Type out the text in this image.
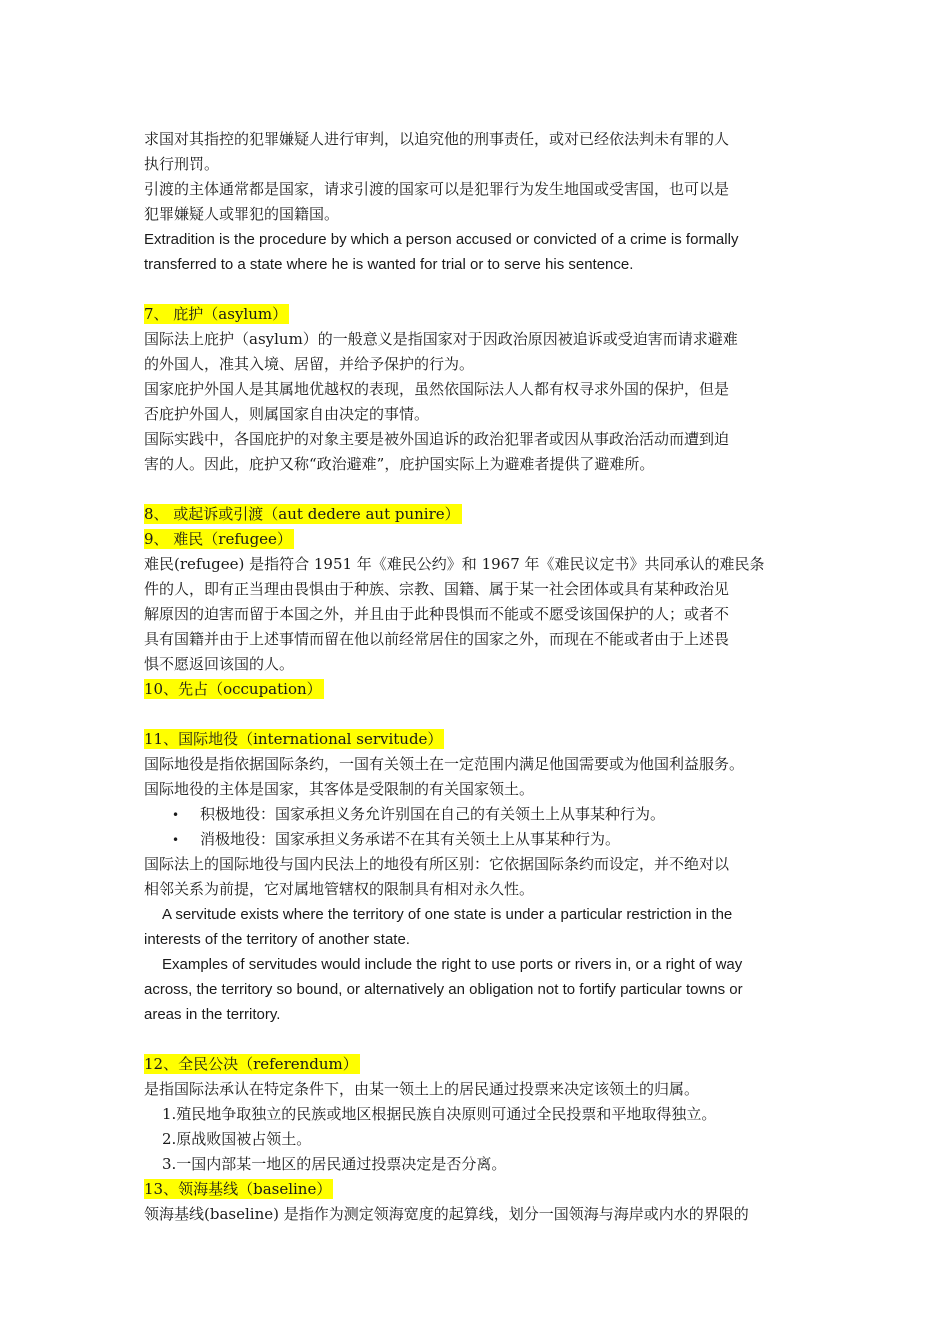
求国对其指控的犯罪嫌疑人进行审判，以追究他的刑事责任，或对已经依法判未有罪的人
执行刑罚。
引渡的主体通常都是国家，请求引渡的国家可以是犯罪行为发生地国或受害国，也可以是
犯罪嫌疑人或罪犯的国籍国。
Extradition is the procedure by which a person accused or convicted of a crime is formally
transferred to a state where he is wanted for trial or to serve his sentence.
7、 庇护（asylum）
国际法上庇护（asylum）的一般意义是指国家对于因政治原因被追诉或受迫害而请求避难
的外国人，准其入境、居留，并给予保护的行为。
国家庇护外国人是其属地优越权的表现，虽然依国际法人人都有权寻求外国的保护，但是
否庇护外国人，则属国家自由决定的事情。
国际实践中，各国庇护的对象主要是被外国追诉的政治犯罪者或因从事政治活动而遭到迫
害的人。因此，庇护又称“政治避难”，庇护国实际上为避难者提供了避难所。
8、 或起诉或引渡（aut dedere aut punire）
9、 难民（refugee）
难民(refugee) 是指符合 1951 年《难民公约》和 1967 年《难民议定书》共同承认的难民条
件的人，即有正当理由畏惧由于种族、宗教、国籍、属于某一社会团体或具有某种政治见
解原因的迫害而留于本国之外，并且由于此种畏惧而不能或不愿受该国保护的人；或者不
具有国籍并由于上述事情而留在他以前经常居住的国家之外，而现在不能或者由于上述畏
惧不愿返回该国的人。
10、先占（occupation）
11、国际地役（international servitude）
国际地役是指依据国际条约，一国有关领土在一定范围内满足他国需要或为他国利益服务。
国际地役的主体是国家，其客体是受限制的有关国家领土。
• 积极地役：国家承担义务允许别国在自己的有关领土上从事某种行为。
• 消极地役：国家承担义务承诺不在其有关领土上从事某种行为。
国际法上的国际地役与国内民法上的地役有所区别：它依据国际条约而设定，并不绝对以
相邻关系为前提，它对属地管辖权的限制具有相对永久性。
A servitude exists where the territory of one state is under a particular restriction in the
interests of the territory of another state.
Examples of servitudes would include the right to use ports or rivers in, or a right of way
across, the territory so bound, or alternatively an obligation not to fortify particular towns or
areas in the territory.
12、全民公决（referendum）
是指国际法承认在特定条件下，由某一领土上的居民通过投票来决定该领土的归属。
1.殖民地争取独立的民族或地区根据民族自决原则可通过全民投票和平地取得独立。
2.原战败国被占领土。
3.一国内部某一地区的居民通过投票决定是否分离。
13、领海基线（baseline）
领海基线(baseline) 是指作为测定领海宽度的起算线，划分一国领海与海岸或内水的界限的
